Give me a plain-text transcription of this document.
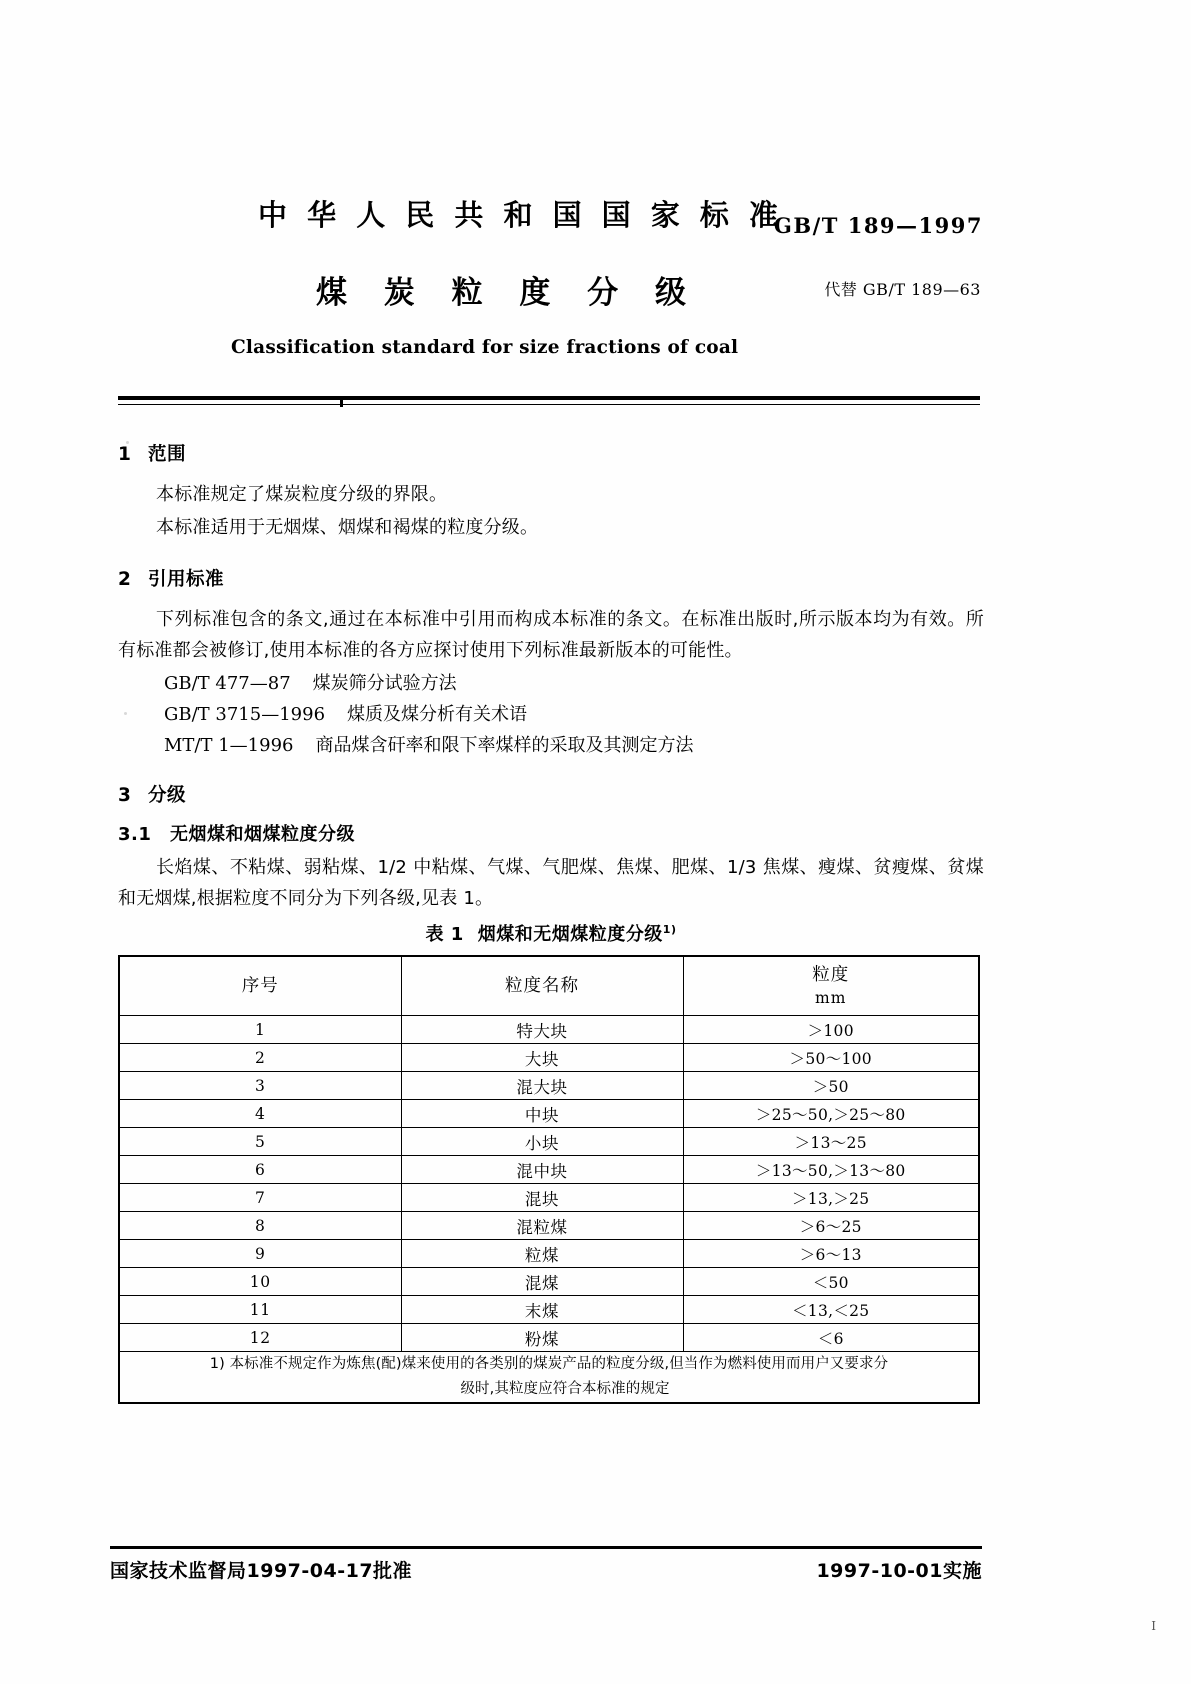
中 华 人 民 共 和 国 国 家 标 准
GB/T 189—1997
煤 炭 粒 度 分 级	代替 GB/T 189—63
Classification standard for size fractions of coal
1 范围

本标准规定了煤炭粒度分级的界限。

本标准适用于无烟煤、烟煤和褐煤的粒度分级。

2 引用标准

下列标准包含的条文,通过在本标准中引用而构成本标准的条文。在标准出版时,所示版本均为有效。所有标准都会被修订,使用本标准的各方应探讨使用下列标准最新版本的可能性。

GB/T 477—87 煤炭筛分试验方法

GB/T 3715—1996 煤质及煤分析有关术语

MT/T 1—1996 商品煤含矸率和限下率煤样的采取及其测定方法

3 分级
3.1 无烟煤和烟煤粒度分级

长焰煤、不粘煤、弱粘煤、1/2 中粘煤、气煤、气肥煤、焦煤、肥煤、1/3 焦煤、瘦煤、贫瘦煤、贫煤和无烟煤,根据粒度不同分为下列各级,见表 1。

表 1 烟煤和无烟煤粒度分级$^{1)}$
序号	粒度名称	粒度
mm

1	特大块	＞100
2	大块	＞50～100
3	混大块	＞50
4	中块	＞25～50,＞25～80
5	小块	＞13～25
6	混中块	＞13～50,＞13～80
7	混块	＞13,＞25
8	混粒煤	＞6～25
9	粒煤	＞6～13
10	混煤	＜50
11	末煤	＜13,＜25
12	粉煤	＜6
1) 本标准不规定作为炼焦(配)煤来使用的各类别的煤炭产品的粒度分级,但当作为燃料使用而用户又要求分
级时,其粒度应符合本标准的规定		
国家技术监督局1997-04-17批准	1997-10-01实施
I
